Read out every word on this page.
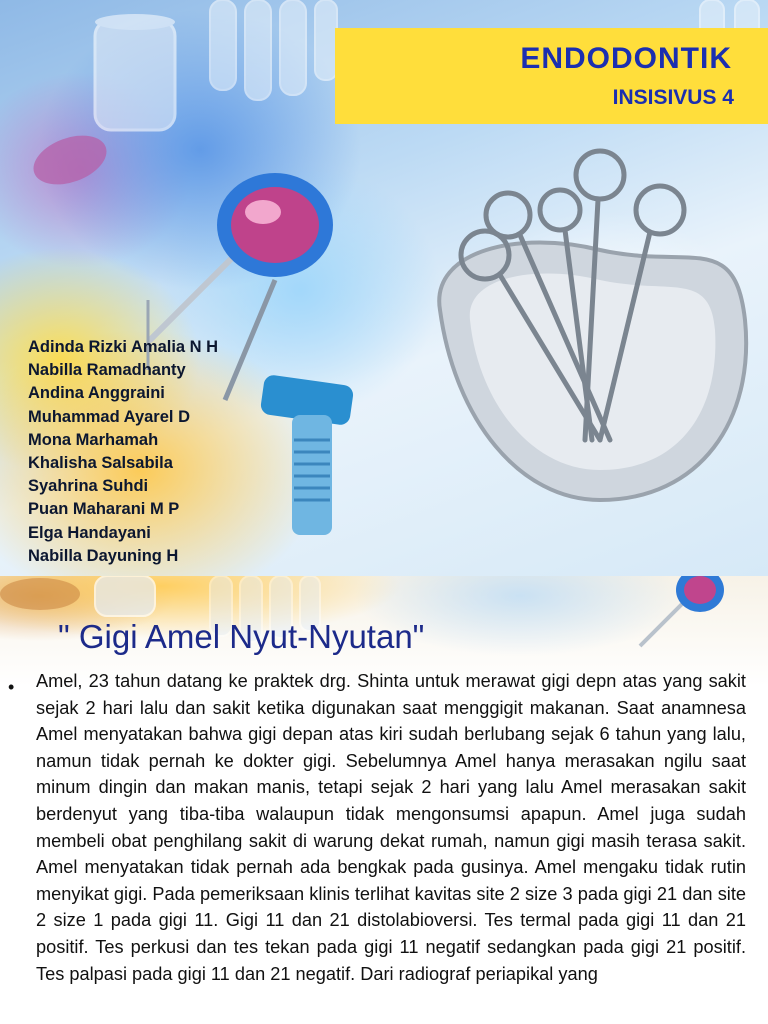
ENDODONTIK
INSISIVUS 4
Adinda Rizki Amalia N H
Nabilla Ramadhanty
Andina Anggraini
Muhammad Ayarel D
Mona Marhamah
Khalisha Salsabila
Syahrina Suhdi
Puan Maharani M P
Elga Handayani
Nabilla Dayuning H
" Gigi Amel Nyut-Nyutan"
• Amel, 23 tahun datang ke praktek drg. Shinta untuk merawat gigi depn atas yang sakit sejak 2 hari lalu dan sakit ketika digunakan saat menggigit makanan. Saat anamnesa Amel menyatakan bahwa gigi depan atas kiri sudah berlubang sejak 6 tahun yang lalu, namun tidak pernah ke dokter gigi. Sebelumnya Amel hanya merasakan ngilu saat minum dingin dan makan manis, tetapi sejak 2 hari yang lalu Amel merasakan sakit berdenyut yang tiba-tiba walaupun tidak mengonsumsi apapun. Amel juga sudah membeli obat penghilang sakit di warung dekat rumah, namun gigi masih terasa sakit. Amel menyatakan tidak pernah ada bengkak pada gusinya. Amel mengaku tidak rutin menyikat gigi. Pada pemeriksaan klinis terlihat kavitas site 2 size 3 pada gigi 21 dan site 2 size 1 pada gigi 11. Gigi 11 dan 21 distolabioversi. Tes termal pada gigi 11 dan 21 positif. Tes perkusi dan tes tekan pada gigi 11 negatif sedangkan pada gigi 21 positif. Tes palpasi pada gigi 11 dan 21 negatif. Dari radiograf periapikal yang
